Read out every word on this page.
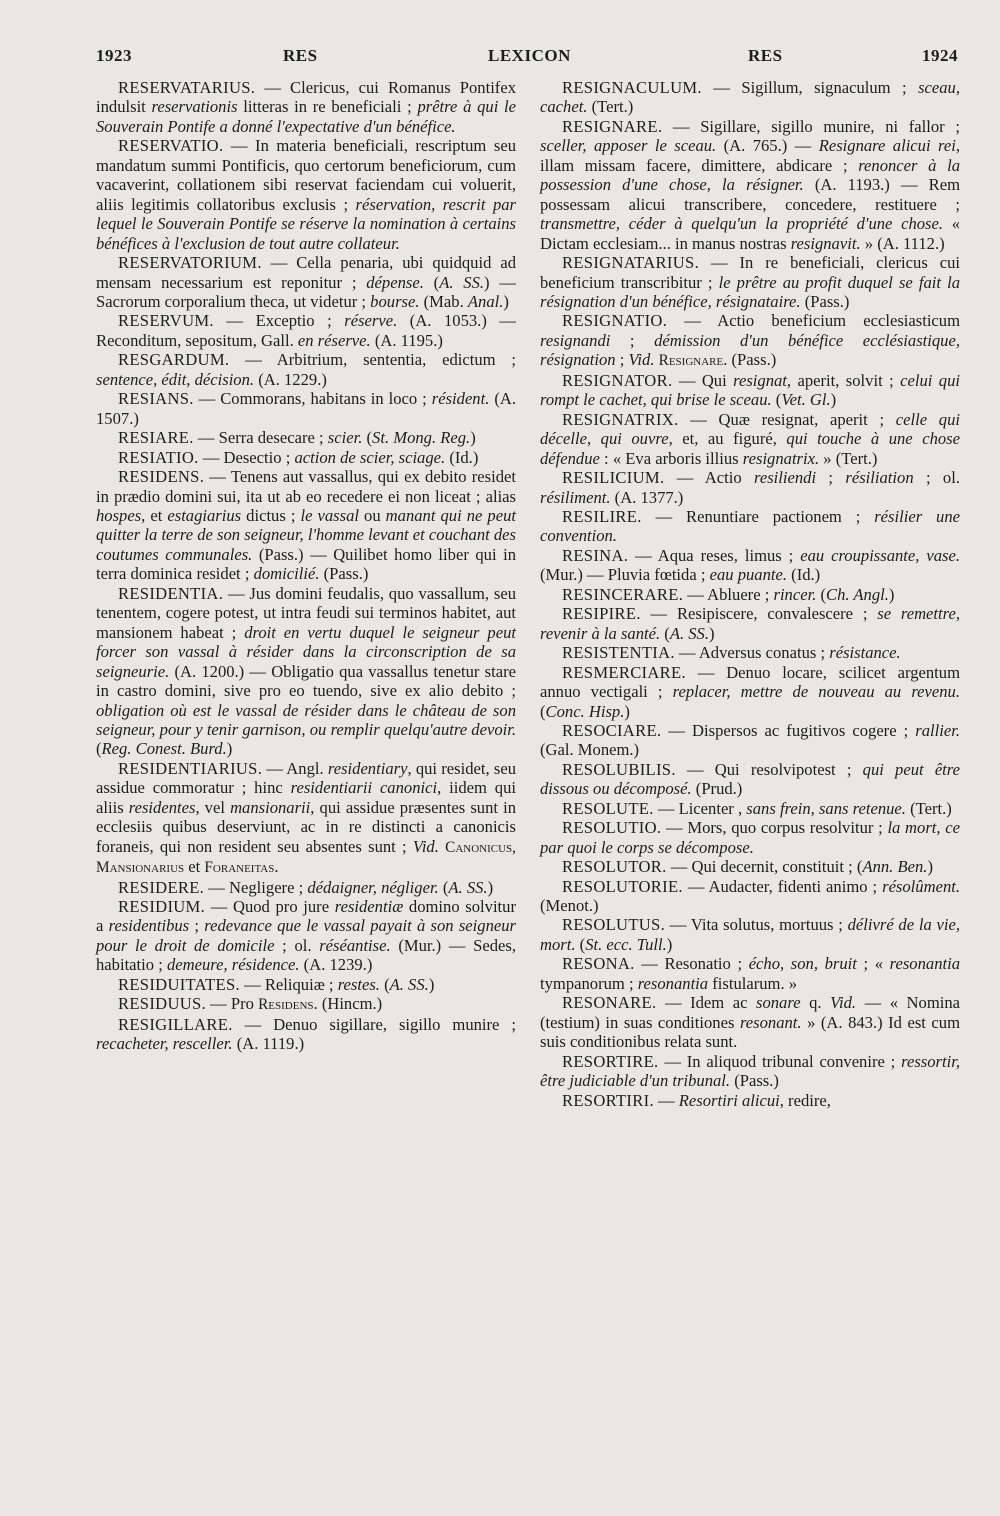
1923	RES	LEXICON	RES	1924

RESERVATARIUS. — Clericus, cui Romanus Pontifex indulsit reservationis litteras in re beneficiali ; prêtre à qui le Souverain Pontife a donné l'expectative d'un bénéfice.

RESERVATIO. — In materia beneficiali, rescriptum seu mandatum summi Pontificis, quo certorum beneficiorum, cum vacaverint, collationem sibi reservat faciendam cui voluerit, aliis legitimis collatoribus exclusis ; réservation, rescrit par lequel le Souverain Pontife se réserve la nomination à certains bénéfices à l'exclusion de tout autre collateur.

RESERVATORIUM. — Cella penaria, ubi quidquid ad mensam necessarium est reponitur ; dépense. (A. SS.) — Sacrorum corporalium theca, ut videtur ; bourse. (Mab. Anal.)

RESERVUM. — Exceptio ; réserve. (A. 1053.) — Reconditum, sepositum, Gall. en réserve. (A. 1195.)

RESGARDUM. — Arbitrium, sententia, edictum ; sentence, édit, décision. (A. 1229.)

RESIANS. — Commorans, habitans in loco ; résident. (A. 1507.)

RESIARE. — Serra desecare ; scier. (St. Mong. Reg.)

RESIATIO. — Desectio ; action de scier, sciage. (Id.)

RESIDENS. — Tenens aut vassallus, qui ex debito residet in prædio domini sui, ita ut ab eo recedere ei non liceat ; alias hospes, et estagiarius dictus ; le vassal ou manant qui ne peut quitter la terre de son seigneur, l'homme levant et couchant des coutumes communales. (Pass.) — Quilibet homo liber qui in terra dominica residet ; domicilié. (Pass.)

RESIDENTIA. — Jus domini feudalis, quo vassallum, seu tenentem, cogere potest, ut intra feudi sui terminos habitet, aut mansionem habeat ; droit en vertu duquel le seigneur peut forcer son vassal à résider dans la circonscription de sa seigneurie. (A. 1200.) — Obligatio qua vassallus tenetur stare in castro domini, sive pro eo tuendo, sive ex alio debito ; obligation où est le vassal de résider dans le château de son seigneur, pour y tenir garnison, ou remplir quelqu'autre devoir. (Reg. Conest. Burd.)

RESIDENTIARIUS. — Angl. residentiary, qui residet, seu assidue commoratur ; hinc residentiarii canonici, iidem qui aliis residentes, vel mansionarii, qui assidue præsentes sunt in ecclesiis quibus deserviunt, ac in re distincti a canonicis foraneis, qui non resident seu absentes sunt ; Vid. Canonicus, Mansionarius et Foraneitas.

RESIDERE. — Negligere ; dédaigner, négliger. (A. SS.)

RESIDIUM. — Quod pro jure residentiæ domino solvitur a residentibus ; redevance que le vassal payait à son seigneur pour le droit de domicile ; ol. réséantise. (Mur.) — Sedes, habitatio ; demeure, résidence. (A. 1239.)

RESIDUITATES. — Reliquiæ ; restes. (A. SS.)

RESIDUUS. — Pro Residens. (Hincm.)

RESIGILLARE. — Denuo sigillare, sigillo munire ; recacheter, resceller. (A. 1119.)

RESIGNACULUM. — Sigillum, signaculum ; sceau, cachet. (Tert.)

RESIGNARE. — Sigillare, sigillo munire, ni fallor ; sceller, apposer le sceau. (A. 765.) — Resignare alicui rei, illam missam facere, dimittere, abdicare ; renoncer à la possession d'une chose, la résigner. (A. 1193.) — Rem possessam alicui transcribere, concedere, restituere ; transmettre, céder à quelqu'un la propriété d'une chose. « Dictam ecclesiam... in manus nostras resignavit. » (A. 1112.)

RESIGNATARIUS. — In re beneficiali, clericus cui beneficium transcribitur ; le prêtre au profit duquel se fait la résignation d'un bénéfice, résignataire. (Pass.)

RESIGNATIO. — Actio beneficium ecclesiasticum resignandi ; démission d'un bénéfice ecclésiastique, résignation ; Vid. Resignare. (Pass.)

RESIGNATOR. — Qui resignat, aperit, solvit ; celui qui rompt le cachet, qui brise le sceau. (Vet. Gl.)

RESIGNATRIX. — Quæ resignat, aperit ; celle qui décelle, qui ouvre, et, au figuré, qui touche à une chose défendue : « Eva arboris illius resignatrix. » (Tert.)

RESILICIUM. — Actio resiliendi ; résiliation ; ol. résiliment. (A. 1377.)

RESILIRE. — Renuntiare pactionem ; résilier une convention.

RESINA. — Aqua reses, limus ; eau croupissante, vase. (Mur.) — Pluvia fœtida ; eau puante. (Id.)

RESINCERARE. — Abluere ; rincer. (Ch. Angl.)

RESIPIRE. — Resipiscere, convalescere ; se remettre, revenir à la santé. (A. SS.)

RESISTENTIA. — Adversus conatus ; résistance.

RESMERCIARE. — Denuo locare, scilicet argentum annuo vectigali ; replacer, mettre de nouveau au revenu. (Conc. Hisp.)

RESOCIARE. — Dispersos ac fugitivos cogere ; rallier. (Gal. Monem.)

RESOLUBILIS. — Qui resolvipotest ; qui peut être dissous ou décomposé. (Prud.)

RESOLUTE. — Licenter , sans frein, sans retenue. (Tert.)

RESOLUTIO. — Mors, quo corpus resolvitur ; la mort, ce par quoi le corps se décompose.

RESOLUTOR. — Qui decernit, constituit ; (Ann. Ben.)

RESOLUTORIE. — Audacter, fidenti animo ; résolûment. (Menot.)

RESOLUTUS. — Vita solutus, mortuus ; délivré de la vie, mort. (St. ecc. Tull.)

RESONA. — Resonatio ; écho, son, bruit ; « resonantia tympanorum ; resonantia fistularum. »

RESONARE. — Idem ac sonare q. Vid. — « Nomina (testium) in suas conditiones resonant. » (A. 843.) Id est cum suis conditionibus relata sunt.

RESORTIRE. — In aliquod tribunal convenire ; ressortir, être judiciable d'un tribunal. (Pass.)

RESORTIRI. — Resortiri alicui, redire,
